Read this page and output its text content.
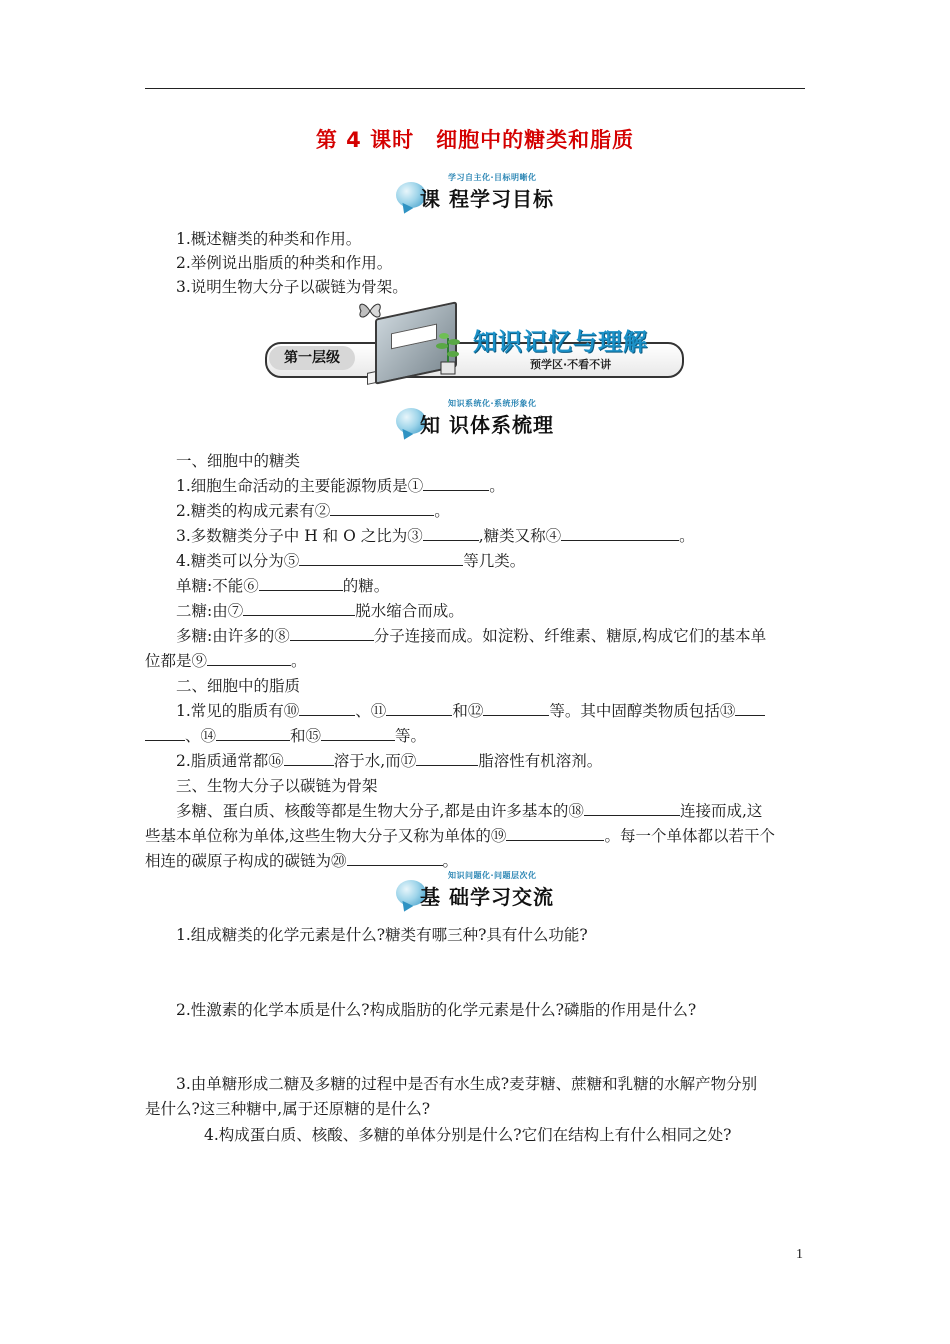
第 4 课时 细胞中的糖类和脂质
学习自主化·目标明晰化
课 程学习目标
1.概述糖类的种类和作用。
2.举例说出脂质的种类和作用。
3.说明生物大分子以碳链为骨架。
第一层级
知识记忆与理解
预学区·不看不讲
知识系统化·系统形象化
知 识体系梳理
一、细胞中的糖类
1.细胞生命活动的主要能源物质是①	。
2.糖类的构成元素有②	。
3.多数糖类分子中 H 和 O 之比为③	,糖类又称④	。
4.糖类可以分为⑤	等几类。
单糖:不能⑥	的糖。
二糖:由⑦	脱水缩合而成。
多糖:由许多的⑧	分子连接而成。如淀粉、纤维素、糖原,构成它们的基本单
位都是⑨	。
二、细胞中的脂质
1.常见的脂质有⑩	、⑪	和⑫	等。其中固醇类物质包括⑬
、⑭	和⑮	等。
2.脂质通常都⑯	溶于水,而⑰	脂溶性有机溶剂。
三、生物大分子以碳链为骨架
多糖、蛋白质、核酸等都是生物大分子,都是由许多基本的⑱	连接而成,这
些基本单位称为单体,这些生物大分子又称为单体的⑲	。每一个单体都以若干个
相连的碳原子构成的碳链为⑳	。
知识问题化·问题层次化
基 础学习交流
1.组成糖类的化学元素是什么?糖类有哪三种?具有什么功能?
2.性激素的化学本质是什么?构成脂肪的化学元素是什么?磷脂的作用是什么?
3.由单糖形成二糖及多糖的过程中是否有水生成?麦芽糖、蔗糖和乳糖的水解产物分别
是什么?这三种糖中,属于还原糖的是什么?
4.构成蛋白质、核酸、多糖的单体分别是什么?它们在结构上有什么相同之处?
1
